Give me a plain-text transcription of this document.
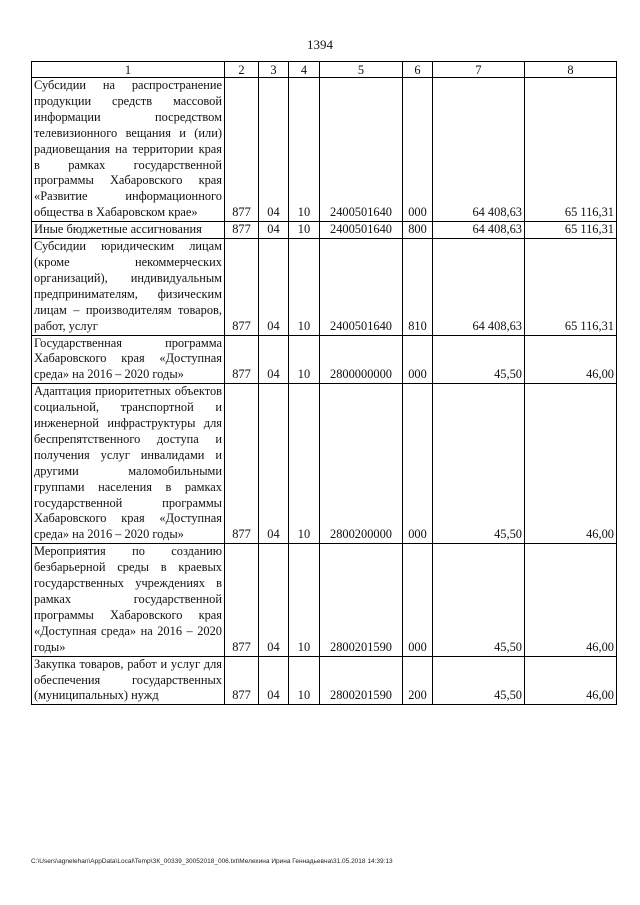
1394
1	2	3	4	5	6	7	8
Субсидии на распространение продукции средств массовой информации посредством телевизионного вещания и (или) радиовещания на территории края в рамках государственной программы Хабаровского края «Развитие информационного общества в Хабаровском крае»	877	04	10	2400501640	000	64 408,63	65 116,31
Иные бюджетные ассигнования	877	04	10	2400501640	800	64 408,63	65 116,31
Субсидии юридическим лицам (кроме некоммерческих организаций), индивидуальным предпринимателям, физическим лицам – производителям товаров, работ, услуг	877	04	10	2400501640	810	64 408,63	65 116,31
Государственная программа Хабаровского края «Доступная среда» на 2016 – 2020 годы»	877	04	10	2800000000	000	45,50	46,00
Адаптация приоритетных объектов социальной, транспортной и инженерной инфраструктуры для беспрепятственного доступа и получения услуг инвалидами и другими маломобильными группами населения в рамках государственной программы Хабаровского края «Доступная среда» на 2016 – 2020 годы»	877	04	10	2800200000	000	45,50	46,00
Мероприятия по созданию безбарьерной среды в краевых государственных учреждениях в рамках государственной программы Хабаровского края «Доступная среда» на 2016 – 2020 годы»	877	04	10	2800201590	000	45,50	46,00
Закупка товаров, работ и услуг для обеспечения государственных (муниципальных) нужд	877	04	10	2800201590	200	45,50	46,00
C:\Users\agnelehan\AppData\Local\Temp\ЗК_00339_30052018_006.txt\Мелехина Ирина Геннадьевна\31.05.2018 14:39:13
